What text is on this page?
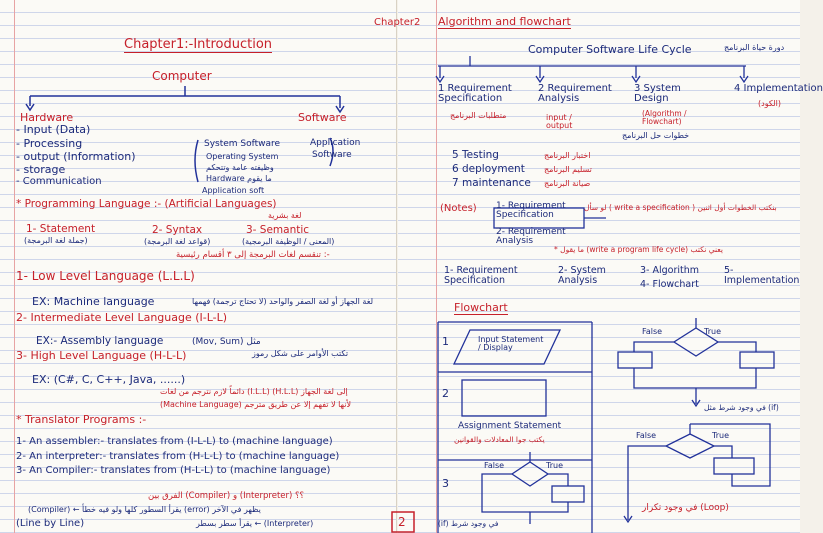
Chapter1:-Introduction
Computer
Hardware	Software
- Input (Data)
- Processing
- output (Information)
- storage
- Communication
System Software
Operating System
وظيفته عامة وتتحكم
Hardware ما يقوم
Application
Software
Application soft
* Programming Language :- (Artificial Languages)
لغة بشرية
1- Statement
(جملة لغة البرمجة)
2- Syntax
(قواعد لغة البرمجة)
3- Semantic
(المعنى / الوظيفة البرمجية)
تنقسم لغات البرمجة إلى ٣ أقسام رئيسية :-
1- Low Level Language (L.L.L)
EX: Machine language	لغة الجهاز أو لغة الصفر والواحد (لا تحتاج ترجمة) فهمها
2- Intermediate Level Language (I-L-L)
EX:- Assembly language	(Mov, Sum) مثل
تكتب الأوامر على شكل رموز
3- High Level Language (H-L-L)
EX: (C#, C, C++, Java, ......)
دائماً لازم نترجم من لغات (I.L.L) (H.L.L) إلى لغة الجهاز
(Machine Language) لأنها لا تفهم إلا عن طريق مترجم
* Translator Programs :-
1- An assembler:- translates from (I-L-L) to (machine language)
2- An interpreter:- translates from (H-L-L) to (machine language)
3- An Compiler:- translates from (H-L-L) to (machine language)
الفرق بين (Compiler) و (Interpreter) ؟؟
(Compiler) ← يقرأ السطور كلها ولو فيه خطأ (error) يظهر في الآخر
(Line by Line)	يقرأ سطر بسطر ← (Interpreter)
Chapter2 Algorithm and flowchart
Computer Software Life Cycle	دورة حياة البرنامج
1 Requirement Specification
متطلبات البرنامج
2 Requirement Analysis
input / output
3 System Design
(Algorithm / Flowchart)
خطوات حل البرنامج
4 Implementation
(الكود)
5 Testing	اختبار البرنامج
6 deployment تسليم البرنامج
7 maintenance صيانة البرنامج
(Notes) 1- Requirement Specification
2- Requirement Analysis
لو سأل ( write a specification ) بنكتب الخطوات أول اثنين
* ما يقول (write a program life cycle) يعني نكتب
1- Requirement Specification
2- System Analysis
3- Algorithm
4- Flowchart
5- Implementation
Flowchart
1	Input Statement / Display
2
Assignment Statement
يكتب جوا المعادلات والقوانين
3
False	True
(if) في وجود شرط
False	True
في وجود شرط مثل (if)
False	True
في وجود تكرار (Loop)
2
